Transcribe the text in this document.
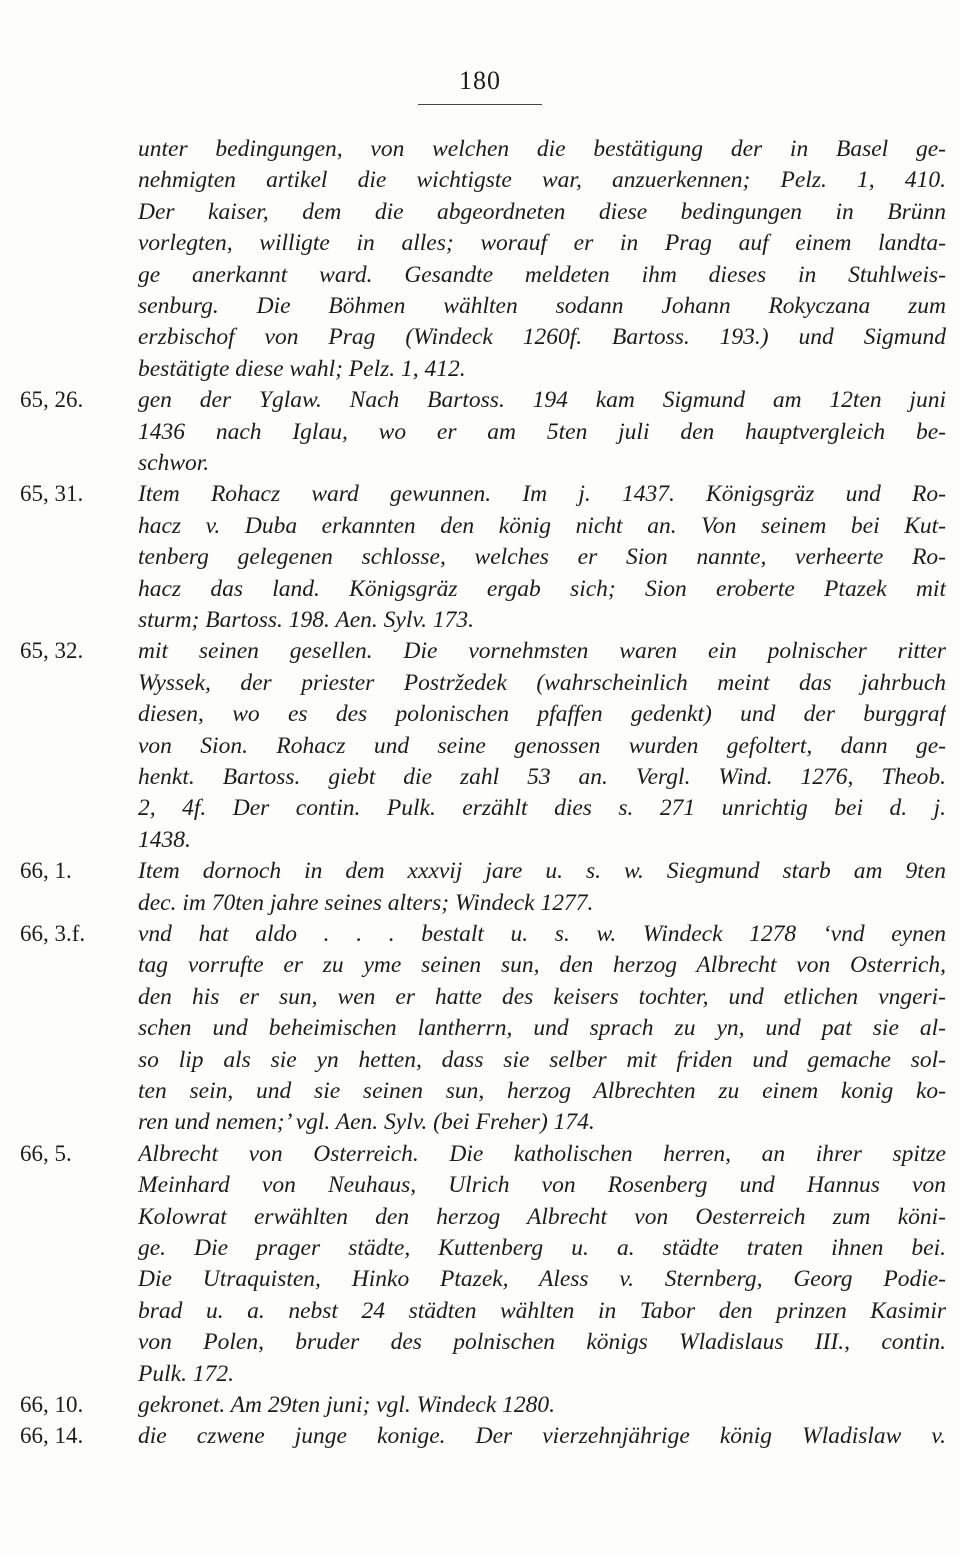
180
unter bedingungen, von welchen die bestätigung der in Basel ge-
nehmigten artikel die wichtigste war, anzuerkennen; Pelz. 1, 410.
Der kaiser, dem die abgeordneten diese bedingungen in Brünn
vorlegten, willigte in alles; worauf er in Prag auf einem landta-
ge anerkannt ward. Gesandte meldeten ihm dieses in Stuhlweis-
senburg. Die Böhmen wählten sodann Johann Rokyczana zum
erzbischof von Prag (Windeck 1260f. Bartoss. 193.) und Sigmund
bestätigte diese wahl; Pelz. 1, 412.
65, 26.	gen der Yglaw. Nach Bartoss. 194 kam Sigmund am 12ten juni
1436 nach Iglau, wo er am 5ten juli den hauptvergleich be-
schwor.
65, 31.	Item Rohacz ward gewunnen. Im j. 1437. Königsgräz und Ro-
hacz v. Duba erkannten den könig nicht an. Von seinem bei Kut-
tenberg gelegenen schlosse, welches er Sion nannte, verheerte Ro-
hacz das land. Königsgräz ergab sich; Sion eroberte Ptazek mit
sturm; Bartoss. 198. Aen. Sylv. 173.
65, 32.	mit seinen gesellen. Die vornehmsten waren ein polnischer ritter
Wyssek, der priester Postržedek (wahrscheinlich meint das jahrbuch
diesen, wo es des polonischen pfaffen gedenkt) und der burggraf
von Sion. Rohacz und seine genossen wurden gefoltert, dann ge-
henkt. Bartoss. giebt die zahl 53 an. Vergl. Wind. 1276, Theob.
2, 4f. Der contin. Pulk. erzählt dies s. 271 unrichtig bei d. j.
1438.
66, 1.	Item dornoch in dem xxxvij jare u. s. w. Siegmund starb am 9ten
dec. im 70ten jahre seines alters; Windeck 1277.
66, 3.f.	vnd hat aldo . . . bestalt u. s. w. Windeck 1278 ‘vnd eynen
tag vorrufte er zu yme seinen sun, den herzog Albrecht von Osterrich,
den his er sun, wen er hatte des keisers tochter, und etlichen vngeri-
schen und beheimischen lantherrn, und sprach zu yn, und pat sie al-
so lip als sie yn hetten, dass sie selber mit friden und gemache sol-
ten sein, und sie seinen sun, herzog Albrechten zu einem konig ko-
ren und nemen;’ vgl. Aen. Sylv. (bei Freher) 174.
66, 5.	Albrecht von Osterreich. Die katholischen herren, an ihrer spitze
Meinhard von Neuhaus, Ulrich von Rosenberg und Hannus von
Kolowrat erwählten den herzog Albrecht von Oesterreich zum köni-
ge. Die prager städte, Kuttenberg u. a. städte traten ihnen bei.
Die Utraquisten, Hinko Ptazek, Aless v. Sternberg, Georg Podie-
brad u. a. nebst 24 städten wählten in Tabor den prinzen Kasimir
von Polen, bruder des polnischen königs Wladislaus III., contin.
Pulk. 172.
66, 10.	gekronet. Am 29ten juni; vgl. Windeck 1280.
66, 14.	die czwene junge konige. Der vierzehnjährige könig Wladislaw v.
